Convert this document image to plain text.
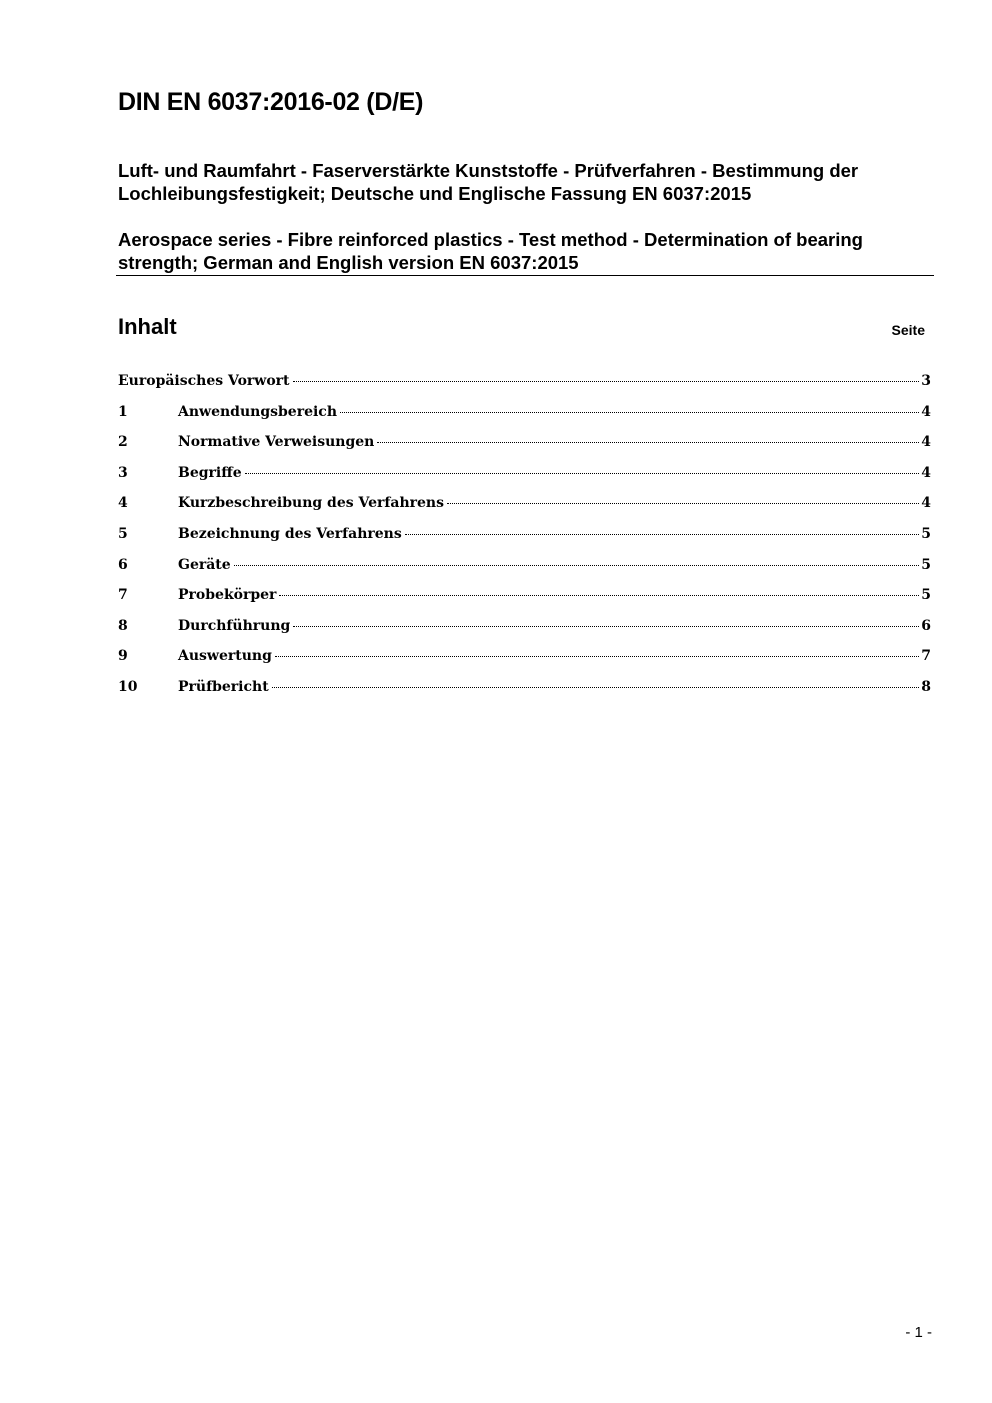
DIN EN 6037:2016-02 (D/E)

Luft- und Raumfahrt - Faserverstärkte Kunststoffe - Prüfverfahren - Bestimmung der Lochleibungsfestigkeit; Deutsche und Englische Fassung EN 6037:2015

Aerospace series - Fibre reinforced plastics - Test method - Determination of bearing strength; German and English version EN 6037:2015

Inhalt	Seite
Europäisches Vorwort	3
1	Anwendungsbereich	4
2	Normative Verweisungen	4
3	Begriffe	4
4	Kurzbeschreibung des Verfahrens	4
5	Bezeichnung des Verfahrens	5
6	Geräte	5
7	Probekörper	5
8	Durchführung	6
9	Auswertung	7
10	Prüfbericht	8
- 1 -
